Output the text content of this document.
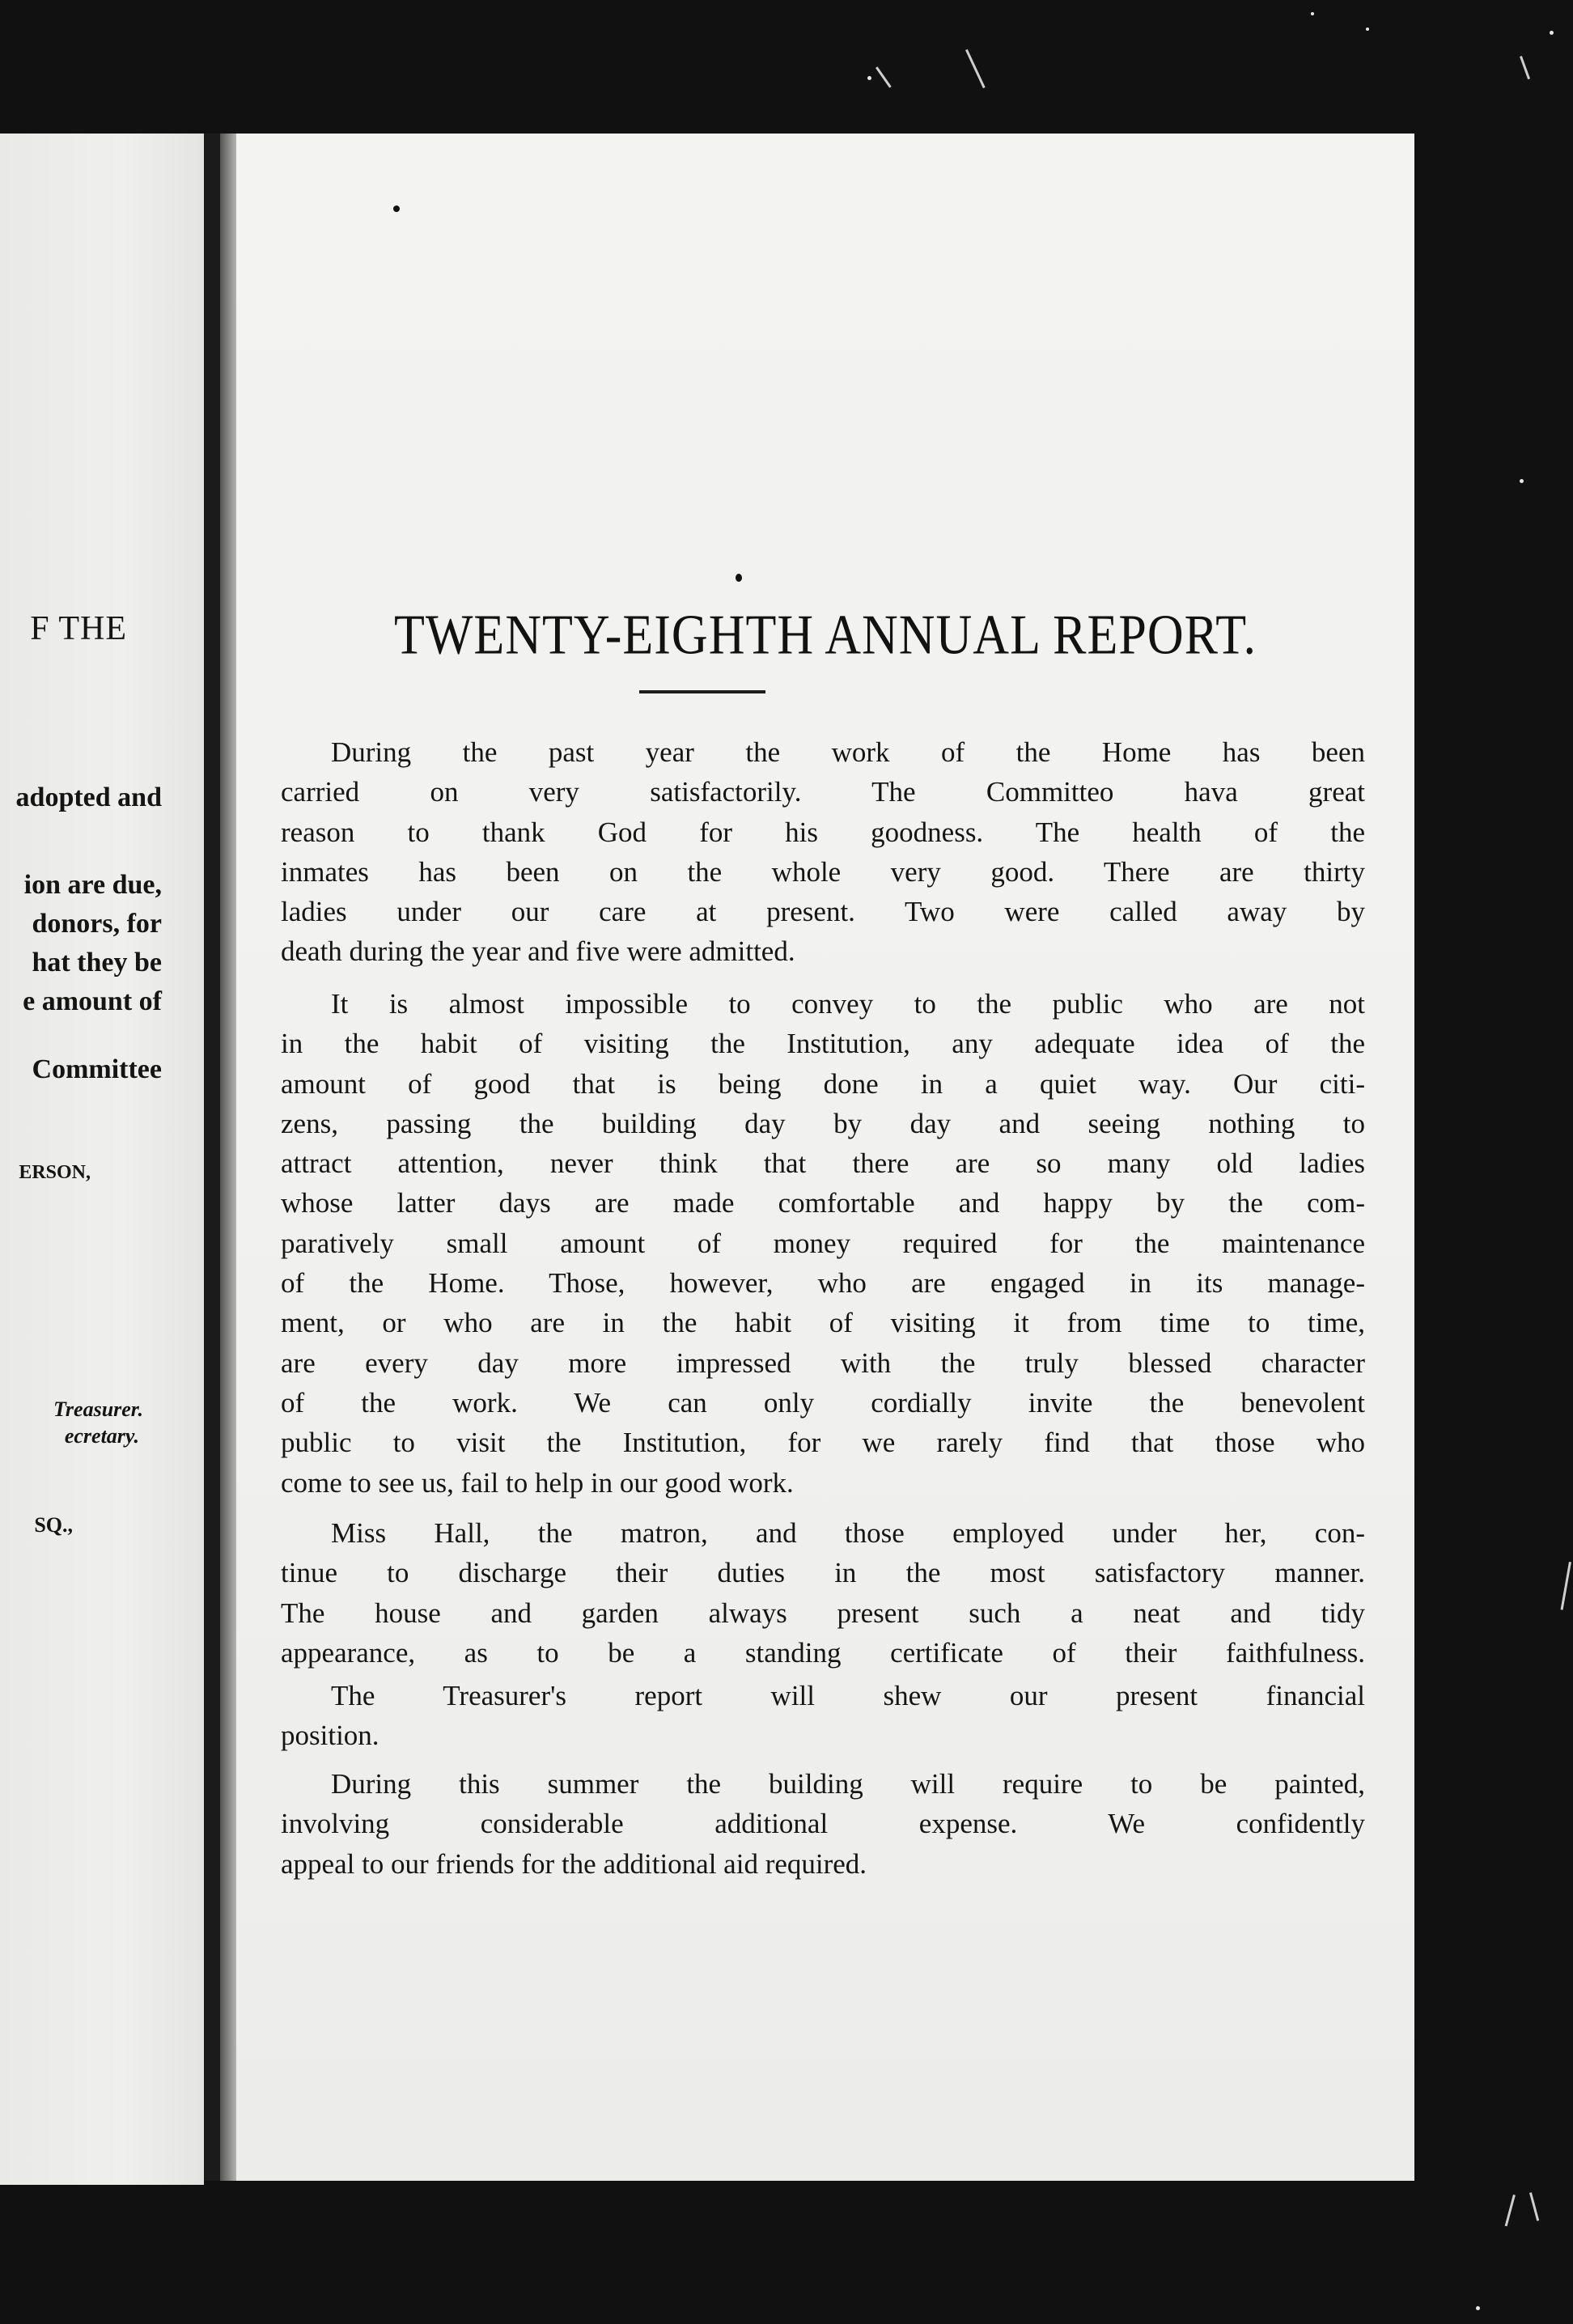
F THE
adopted and
ion are due,
donors, for
hat they be
e amount of
Committee
ERSON,
Treasurer.
ecretary.
SQ.,
TWENTY-EIGHTH ANNUAL REPORT.
During the past year the work of the Home has been
carried on very satisfactorily. The Committeo hava great
reason to thank God for his goodness. The health of the
inmates has been on the whole very good. There are thirty
ladies under our care at present. Two were called away by
death during the year and five were admitted.
It is almost impossible to convey to the public who are not
in the habit of visiting the Institution, any adequate idea of the
amount of good that is being done in a quiet way. Our citi-
zens, passing the building day by day and seeing nothing to
attract attention, never think that there are so many old ladies
whose latter days are made comfortable and happy by the com-
paratively small amount of money required for the maintenance
of the Home. Those, however, who are engaged in its manage-
ment, or who are in the habit of visiting it from time to time,
are every day more impressed with the truly blessed character
of the work. We can only cordially invite the benevolent
public to visit the Institution, for we rarely find that those who
come to see us, fail to help in our good work.
Miss Hall, the matron, and those employed under her, con-
tinue to discharge their duties in the most satisfactory manner.
The house and garden always present such a neat and tidy
appearance, as to be a standing certificate of their faithfulness.
The Treasurer's report will shew our present financial
position.
During this summer the building will require to be painted,
involving considerable additional expense. We confidently
appeal to our friends for the additional aid required.
